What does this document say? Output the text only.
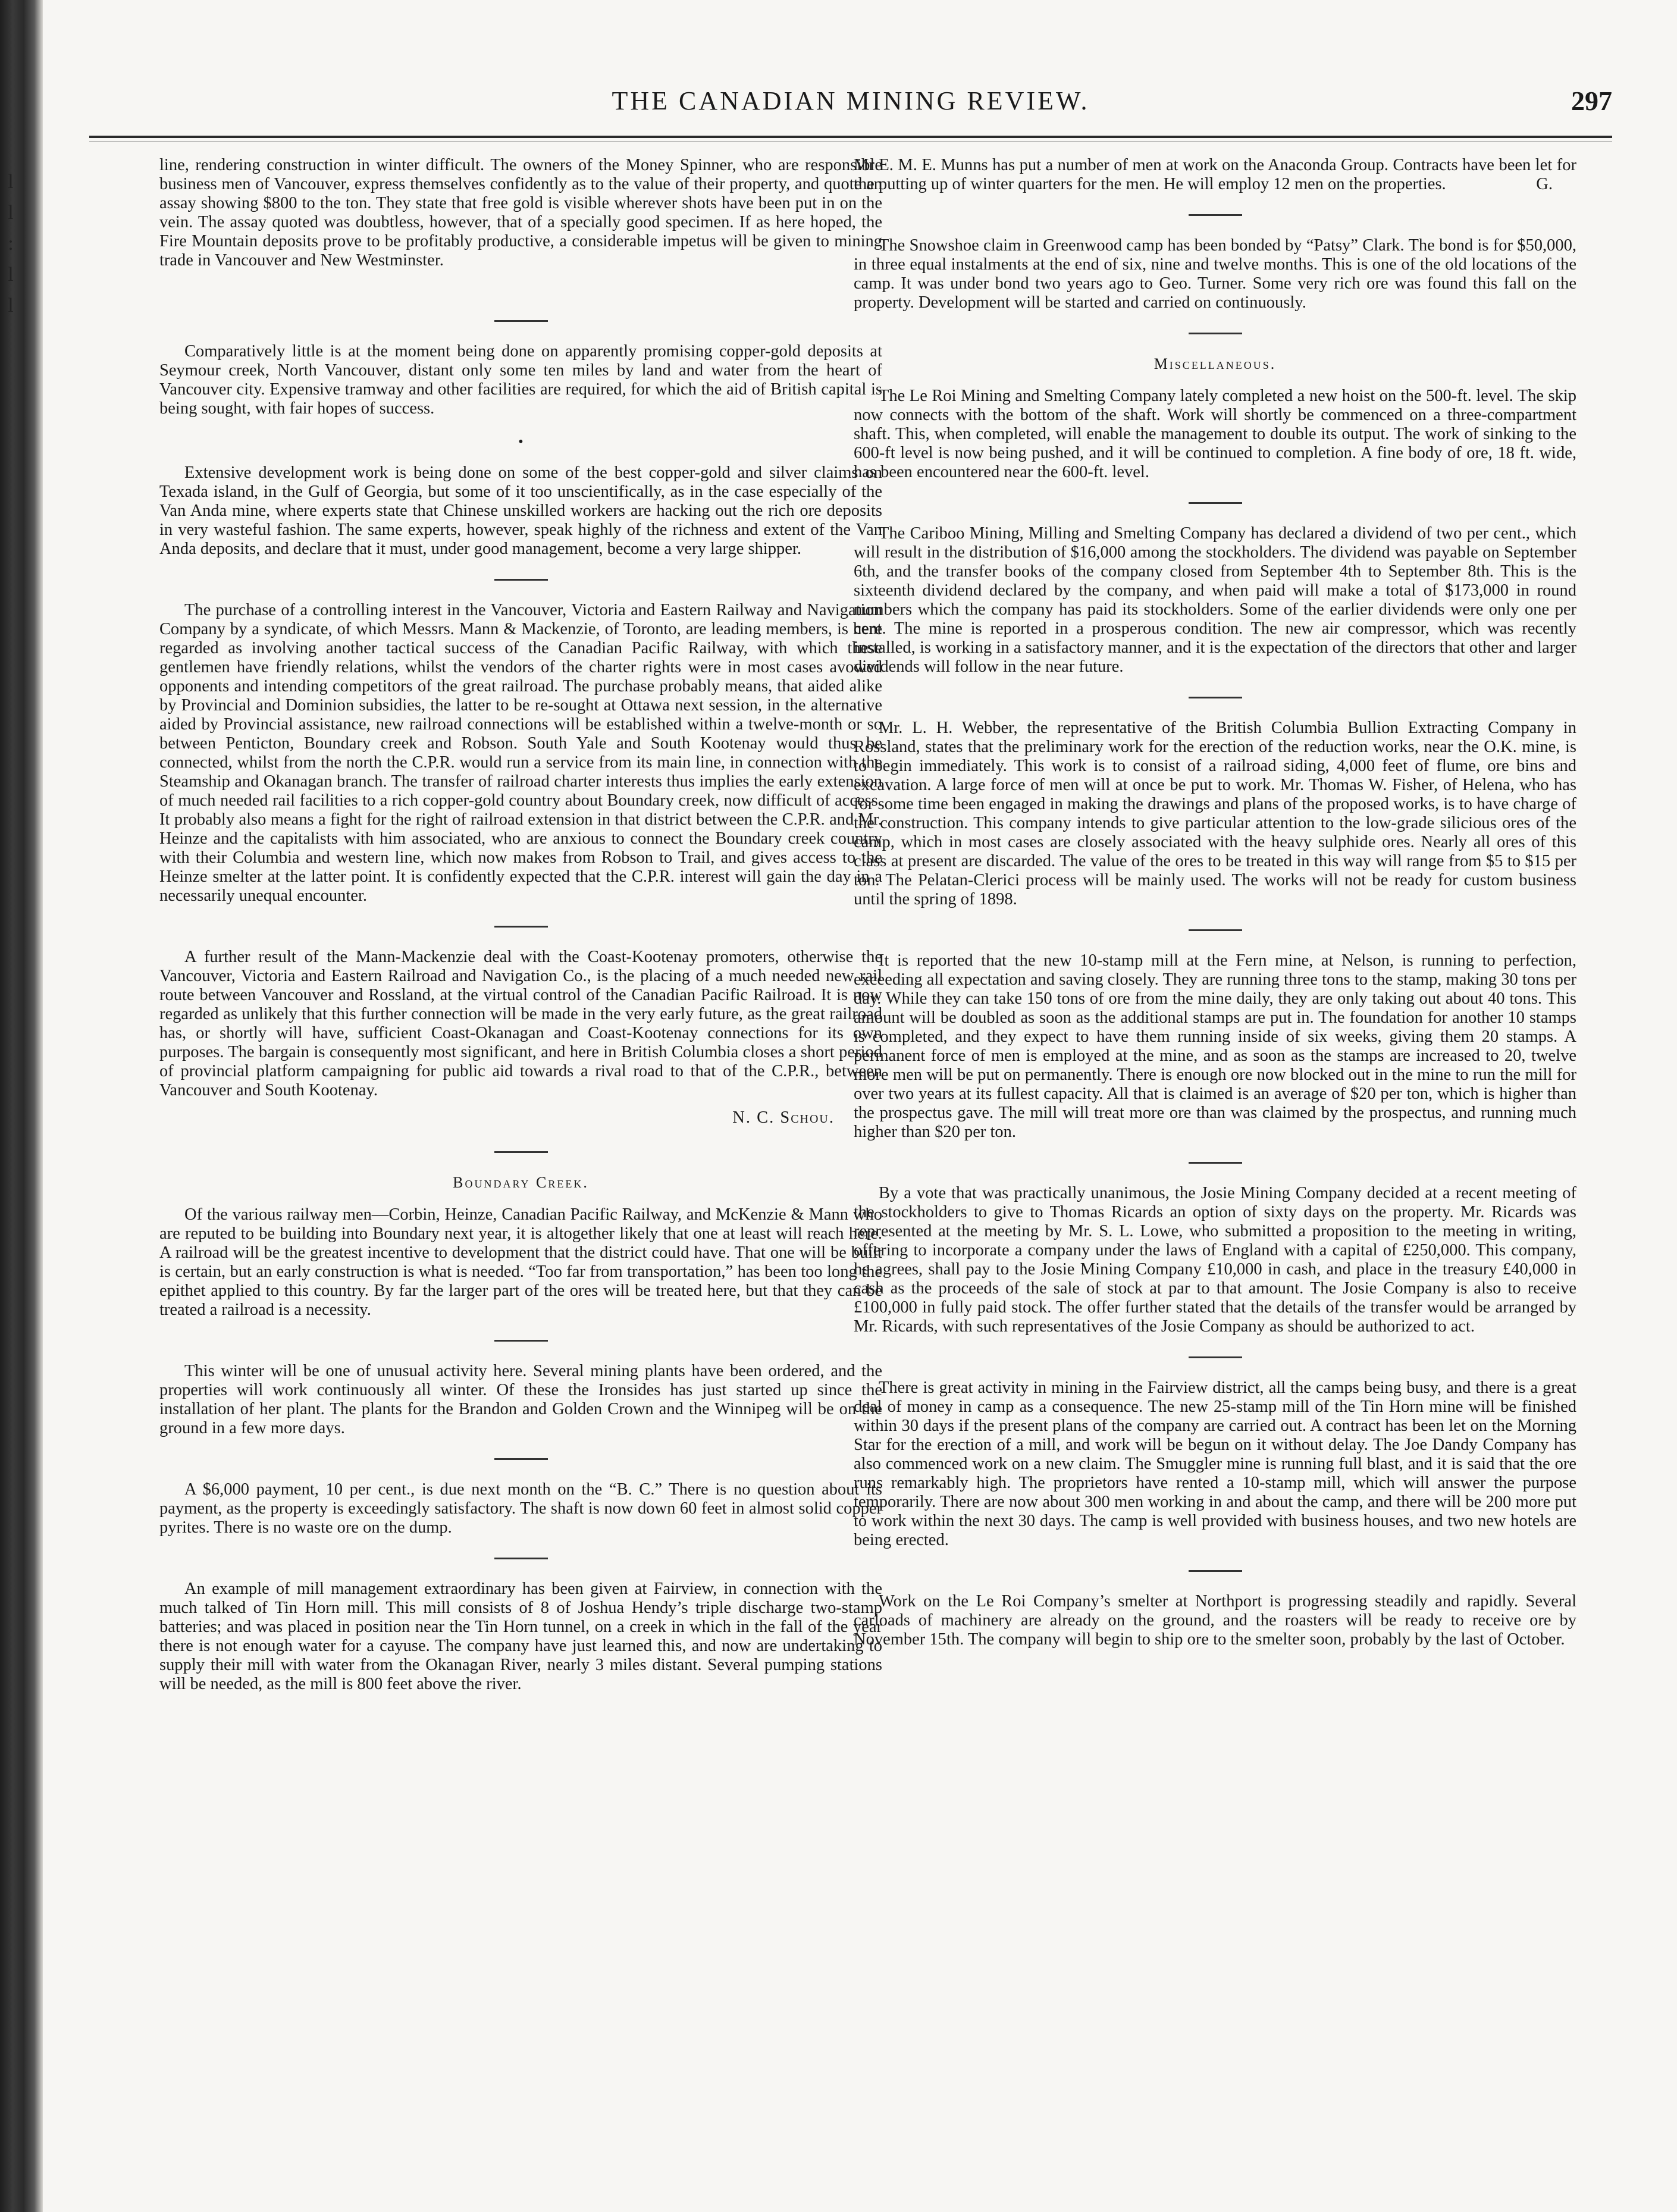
l l : l l
THE CANADIAN MINING REVIEW.	297

line, rendering construction in winter difficult. The owners of the Money Spinner, who are responsible business men of Vancouver, express themselves confidently as to the value of their property, and quote an assay showing $800 to the ton. They state that free gold is visible wherever shots have been put in on the vein. The assay quoted was doubtless, however, that of a specially good specimen. If as here hoped, the Fire Mountain deposits prove to be profitably productive, a considerable impetus will be given to mining trade in Vancouver and New Westminster.

Comparatively little is at the moment being done on apparently promising copper-gold deposits at Seymour creek, North Vancouver, distant only some ten miles by land and water from the heart of Vancouver city. Expensive tramway and other facilities are required, for which the aid of British capital is being sought, with fair hopes of success.

•

Extensive development work is being done on some of the best copper-gold and silver claims on Texada island, in the Gulf of Georgia, but some of it too unscientifically, as in the case especially of the Van Anda mine, where experts state that Chinese unskilled workers are hacking out the rich ore deposits in very wasteful fashion. The same experts, however, speak highly of the richness and extent of the Van Anda deposits, and declare that it must, under good management, become a very large shipper.

The purchase of a controlling interest in the Vancouver, Victoria and Eastern Railway and Navigation Company by a syndicate, of which Messrs. Mann & Mackenzie, of Toronto, are leading members, is here regarded as involving another tactical success of the Canadian Pacific Railway, with which these gentlemen have friendly relations, whilst the vendors of the charter rights were in most cases avowed opponents and intending competitors of the great railroad. The purchase probably means, that aided alike by Provincial and Dominion subsidies, the latter to be re-sought at Ottawa next session, in the alternative aided by Provincial assistance, new railroad connections will be established within a twelve-month or so between Penticton, Boundary creek and Robson. South Yale and South Kootenay would thus be connected, whilst from the north the C.P.R. would run a service from its main line, in connection with the Steamship and Okanagan branch. The transfer of railroad charter interests thus implies the early extension of much needed rail facilities to a rich copper-gold country about Boundary creek, now difficult of access. It probably also means a fight for the right of railroad extension in that district between the C.P.R. and Mr. Heinze and the capitalists with him associated, who are anxious to connect the Boundary creek country with their Columbia and western line, which now makes from Robson to Trail, and gives access to the Heinze smelter at the latter point. It is confidently expected that the C.P.R. interest will gain the day in a necessarily unequal encounter.

A further result of the Mann-Mackenzie deal with the Coast-Kootenay promoters, otherwise the Vancouver, Victoria and Eastern Railroad and Navigation Co., is the placing of a much needed new rail route between Vancouver and Rossland, at the virtual control of the Canadian Pacific Railroad. It is now regarded as unlikely that this further connection will be made in the very early future, as the great railroad has, or shortly will have, sufficient Coast-Okanagan and Coast-Kootenay connections for its own purposes. The bargain is consequently most significant, and here in British Columbia closes a short period of provincial platform campaigning for public aid towards a rival road to that of the C.P.R., between Vancouver and South Kootenay.

N. C. Schou.
Boundary Creek.

Of the various railway men—Corbin, Heinze, Canadian Pacific Railway, and McKenzie & Mann who are reputed to be building into Boundary next year, it is altogether likely that one at least will reach here. A railroad will be the greatest incentive to development that the district could have. That one will be built is certain, but an early construction is what is needed. “Too far from transportation,” has been too long the epithet applied to this country. By far the larger part of the ores will be treated here, but that they can be treated a railroad is a necessity.

This winter will be one of unusual activity here. Several mining plants have been ordered, and the properties will work continuously all winter. Of these the Ironsides has just started up since the installation of her plant. The plants for the Brandon and Golden Crown and the Winnipeg will be on the ground in a few more days.

A $6,000 payment, 10 per cent., is due next month on the “B. C.” There is no question about its payment, as the property is exceedingly satisfactory. The shaft is now down 60 feet in almost solid copper pyrites. There is no waste ore on the dump.

An example of mill management extraordinary has been given at Fairview, in connection with the much talked of Tin Horn mill. This mill consists of 8 of Joshua Hendy’s triple discharge two-stamp batteries; and was placed in position near the Tin Horn tunnel, on a creek in which in the fall of the year there is not enough water for a cayuse. The company have just learned this, and now are undertaking to supply their mill with water from the Okanagan River, nearly 3 miles distant. Several pumping stations will be needed, as the mill is 800 feet above the river.

Mr E. M. E. Munns has put a number of men at work on the Anaconda Group. Contracts have been let for the putting up of winter quarters for the men. He will employ 12 men on the properties.	G.

The Snowshoe claim in Greenwood camp has been bonded by “Patsy” Clark. The bond is for $50,000, in three equal instalments at the end of six, nine and twelve months. This is one of the old locations of the camp. It was under bond two years ago to Geo. Turner. Some very rich ore was found this fall on the property. Development will be started and carried on continuously.

Miscellaneous.

The Le Roi Mining and Smelting Company lately completed a new hoist on the 500-ft. level. The skip now connects with the bottom of the shaft. Work will shortly be commenced on a three-compartment shaft. This, when completed, will enable the management to double its output. The work of sinking to the 600-ft level is now being pushed, and it will be continued to completion. A fine body of ore, 18 ft. wide, has been encountered near the 600-ft. level.

The Cariboo Mining, Milling and Smelting Company has declared a dividend of two per cent., which will result in the distribution of $16,000 among the stockholders. The dividend was payable on September 6th, and the transfer books of the company closed from September 4th to September 8th. This is the sixteenth dividend declared by the company, and when paid will make a total of $173,000 in round numbers which the company has paid its stockholders. Some of the earlier dividends were only one per cent. The mine is reported in a prosperous condition. The new air compressor, which was recently installed, is working in a satisfactory manner, and it is the expectation of the directors that other and larger dividends will follow in the near future.

Mr. L. H. Webber, the representative of the British Columbia Bullion Extracting Company in Rossland, states that the preliminary work for the erection of the reduction works, near the O.K. mine, is to begin immediately. This work is to consist of a railroad siding, 4,000 feet of flume, ore bins and excavation. A large force of men will at once be put to work. Mr. Thomas W. Fisher, of Helena, who has for some time been engaged in making the drawings and plans of the proposed works, is to have charge of the construction. This company intends to give particular attention to the low-grade silicious ores of the camp, which in most cases are closely associated with the heavy sulphide ores. Nearly all ores of this class at present are discarded. The value of the ores to be treated in this way will range from $5 to $15 per ton. The Pelatan-Clerici process will be mainly used. The works will not be ready for custom business until the spring of 1898.

It is reported that the new 10-stamp mill at the Fern mine, at Nelson, is running to perfection, exceeding all expectation and saving closely. They are running three tons to the stamp, making 30 tons per day. While they can take 150 tons of ore from the mine daily, they are only taking out about 40 tons. This amount will be doubled as soon as the additional stamps are put in. The foundation for another 10 stamps is completed, and they expect to have them running inside of six weeks, giving them 20 stamps. A permanent force of men is employed at the mine, and as soon as the stamps are increased to 20, twelve more men will be put on permanently. There is enough ore now blocked out in the mine to run the mill for over two years at its fullest capacity. All that is claimed is an average of $20 per ton, which is higher than the prospectus gave. The mill will treat more ore than was claimed by the prospectus, and running much higher than $20 per ton.

By a vote that was practically unanimous, the Josie Mining Company decided at a recent meeting of the stockholders to give to Thomas Ricards an option of sixty days on the property. Mr. Ricards was represented at the meeting by Mr. S. L. Lowe, who submitted a proposition to the meeting in writing, offering to incorporate a company under the laws of England with a capital of £250,000. This company, he agrees, shall pay to the Josie Mining Company £10,000 in cash, and place in the treasury £40,000 in cash as the proceeds of the sale of stock at par to that amount. The Josie Company is also to receive £100,000 in fully paid stock. The offer further stated that the details of the transfer would be arranged by Mr. Ricards, with such representatives of the Josie Company as should be authorized to act.

There is great activity in mining in the Fairview district, all the camps being busy, and there is a great deal of money in camp as a consequence. The new 25-stamp mill of the Tin Horn mine will be finished within 30 days if the present plans of the company are carried out. A contract has been let on the Morning Star for the erection of a mill, and work will be begun on it without delay. The Joe Dandy Company has also commenced work on a new claim. The Smuggler mine is running full blast, and it is said that the ore runs remarkably high. The proprietors have rented a 10-stamp mill, which will answer the purpose temporarily. There are now about 300 men working in and about the camp, and there will be 200 more put to work within the next 30 days. The camp is well provided with business houses, and two new hotels are being erected.

Work on the Le Roi Company’s smelter at Northport is progressing steadily and rapidly. Several carloads of machinery are already on the ground, and the roasters will be ready to receive ore by November 15th. The company will begin to ship ore to the smelter soon, probably by the last of October.
